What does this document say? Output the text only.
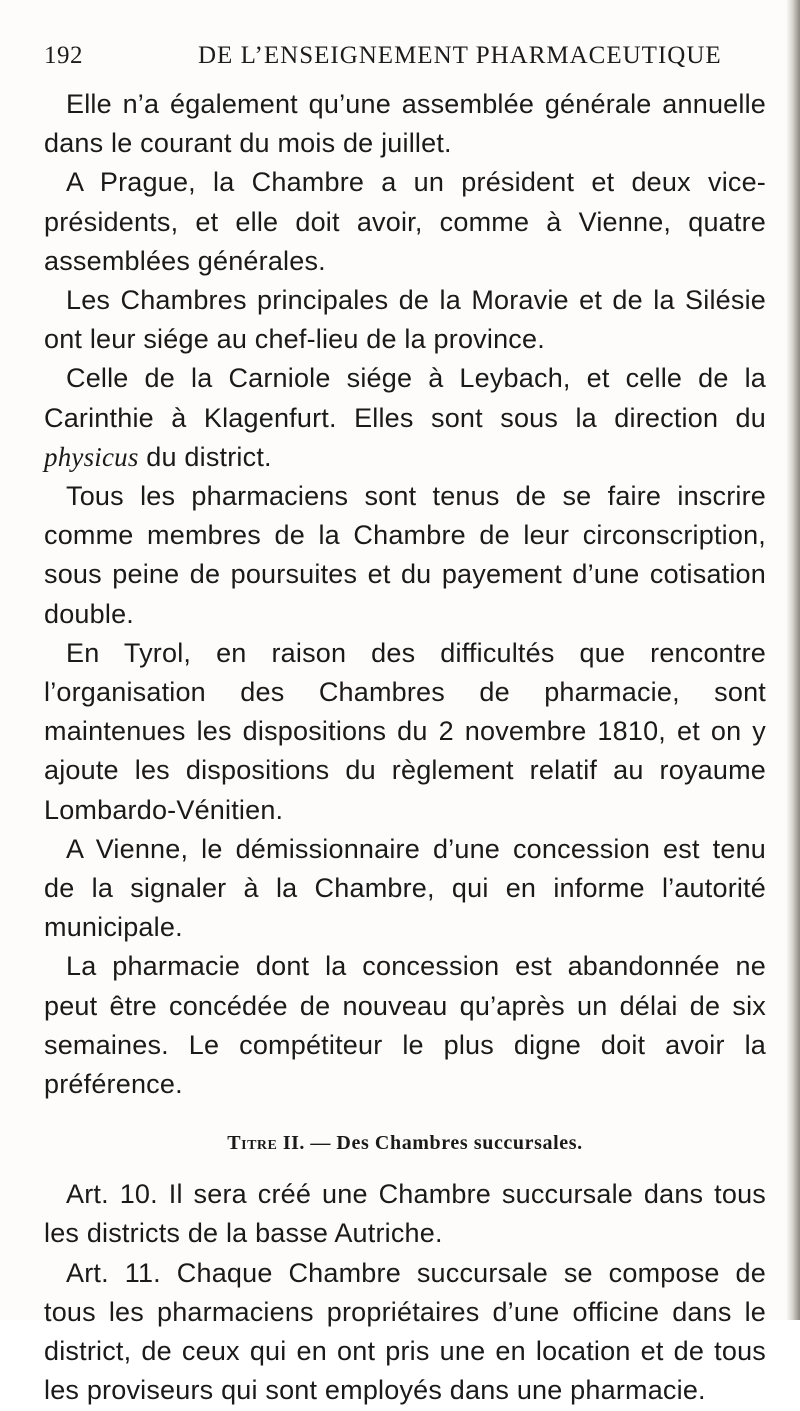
192	DE L’ENSEIGNEMENT PHARMACEUTIQUE

Elle n’a également qu’une assemblée générale annuelle dans le courant du mois de juillet.

A Prague, la Chambre a un président et deux vice-présidents, et elle doit avoir, comme à Vienne, quatre assemblées générales.

Les Chambres principales de la Moravie et de la Silésie ont leur siége au chef-lieu de la province.

Celle de la Carniole siége à Leybach, et celle de la Carinthie à Klagenfurt. Elles sont sous la direction du physicus du district.

Tous les pharmaciens sont tenus de se faire inscrire comme membres de la Chambre de leur circonscription, sous peine de poursuites et du payement d’une cotisation double.

En Tyrol, en raison des difficultés que rencontre l’organisation des Chambres de pharmacie, sont maintenues les dispositions du 2 novembre 1810, et on y ajoute les dispositions du règlement relatif au royaume Lombardo-Vénitien.

A Vienne, le démissionnaire d’une concession est tenu de la signaler à la Chambre, qui en informe l’autorité municipale.

La pharmacie dont la concession est abandonnée ne peut être concédée de nouveau qu’après un délai de six semaines. Le compétiteur le plus digne doit avoir la préférence.

Titre II. — Des Chambres succursales.

Art. 10. Il sera créé une Chambre succursale dans tous les districts de la basse Autriche.

Art. 11. Chaque Chambre succursale se compose de tous les pharmaciens propriétaires d’une officine dans le district, de ceux qui en ont pris une en location et de tous les proviseurs qui sont employés dans une pharmacie.
